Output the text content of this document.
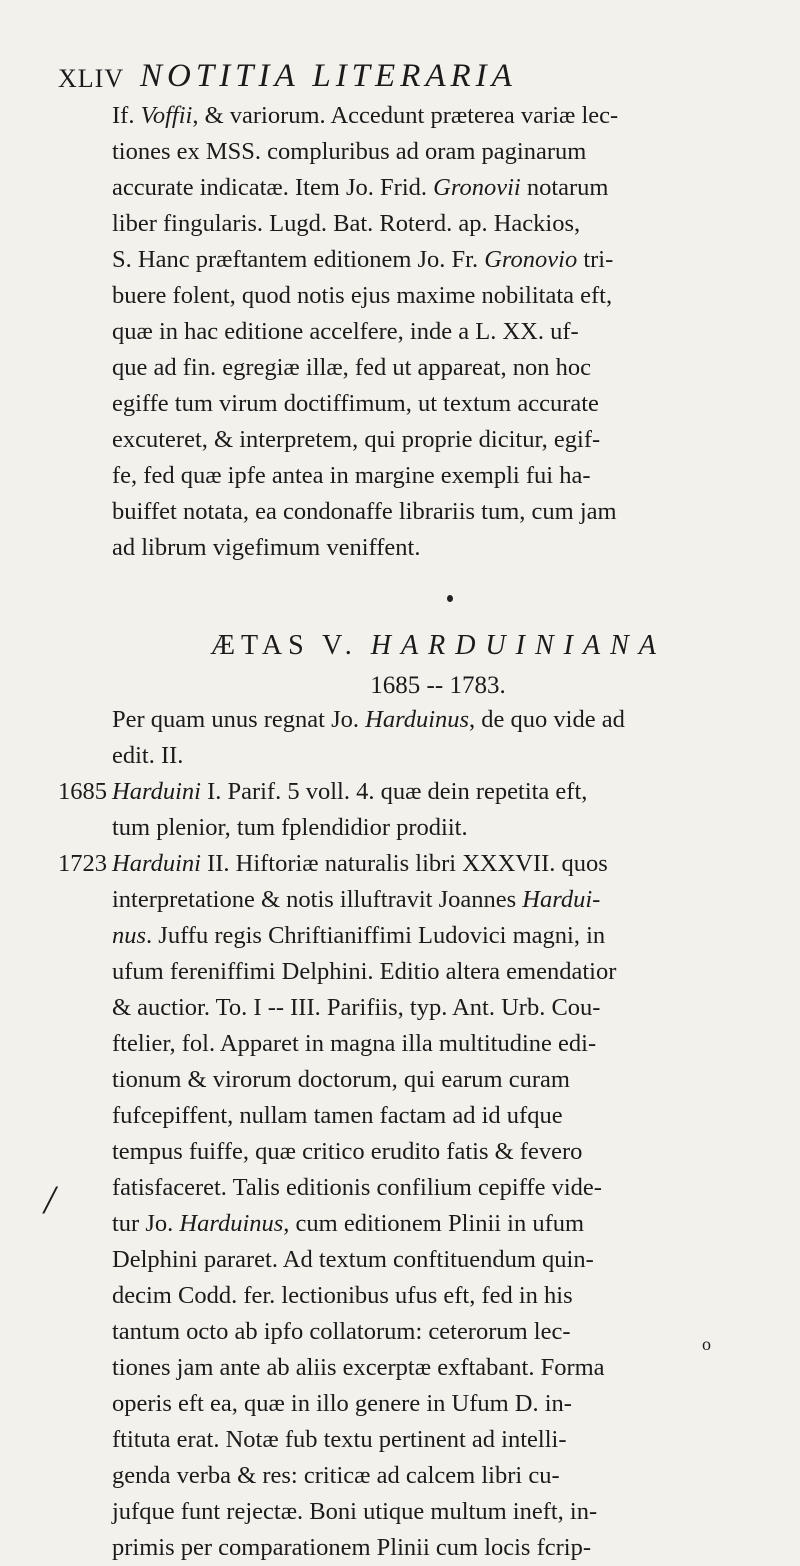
XLIV NOTITIA LITERARIA
If. Voffii, & variorum. Accedunt prӕterea variæ lec-
tiones ex MSS. compluribus ad oram paginarum
accurate indicatӕ. Item Jo. Frid. Gronovii notarum
liber fingularis. Lugd. Bat. Roterd. ap. Hackios,
S. Hanc prӕftantem editionem Jo. Fr. Gronovio tri-
buere folent, quod notis ejus maxime nobilitata eft,
quӕ in hac editione accelfere, inde a L. XX. uf-
que ad fin. egregiӕ illӕ, fed ut appareat, non hoc
egiffe tum virum doctiffimum, ut textum accurate
exсuteret, & interpretem, qui proprie dicitur, egif-
fe, fed quӕ ipfe antea in margine exempli fui ha-
buiffet notata, ea condonaffe librariis tum, cum jam
ad librum vigefimum veniffent.
ÆTAS V. HARDUINIANA
1685 -- 1783.
Per quam unus regnat Jo. Harduinus, de quo vide ad
edit. II.
1685 Harduini I. Parif. 5 voll. 4. quӕ dein repetita eft,
tum plenior, tum fplendidior prodiit.
1723 Harduini II. Hiftoriӕ naturalis libri XXXVII. quos
interpretatione & notis illuftravit Joannes Hardui-
nus. Juffu regis Chriftianiffimi Ludovici magni, in
ufum fereniffimi Delphini. Editio altera emendatior
& auctior. To. I -- III. Parifiis, typ. Ant. Urb. Cou-
ftelier, fol. Apparet in magna illa multitudine edi-
tionum & virorum doctorum, qui earum curam
fufcepiffent, nullam tamen factam ad id ufque
tempus fuiffe, quӕ critico erudito fatis & fevero
fatisfaceret. Talis editionis confilium cepiffe vide-
tur Jo. Harduinus, cum editionem Plinii in ufum
Delphini pararet. Ad textum conftituendum quin-
decim Codd. fer. lectionibus ufus eft, fed in his
tantum octo ab ipfo collatorum: ceterorum lec-
tiones jam ante ab aliis excerptӕ exftabant. Forma
operis eft ea, quӕ in illo genere in Ufum D. in-
ftituta erat. Notӕ fub textu pertinent ad intelli-
genda verba & res: criticӕ ad calcem libri cu-
jufque funt rejectӕ. Boni utique multum ineft, in-
primis per comparationem Plinii cum locis fcrip-
/
o
